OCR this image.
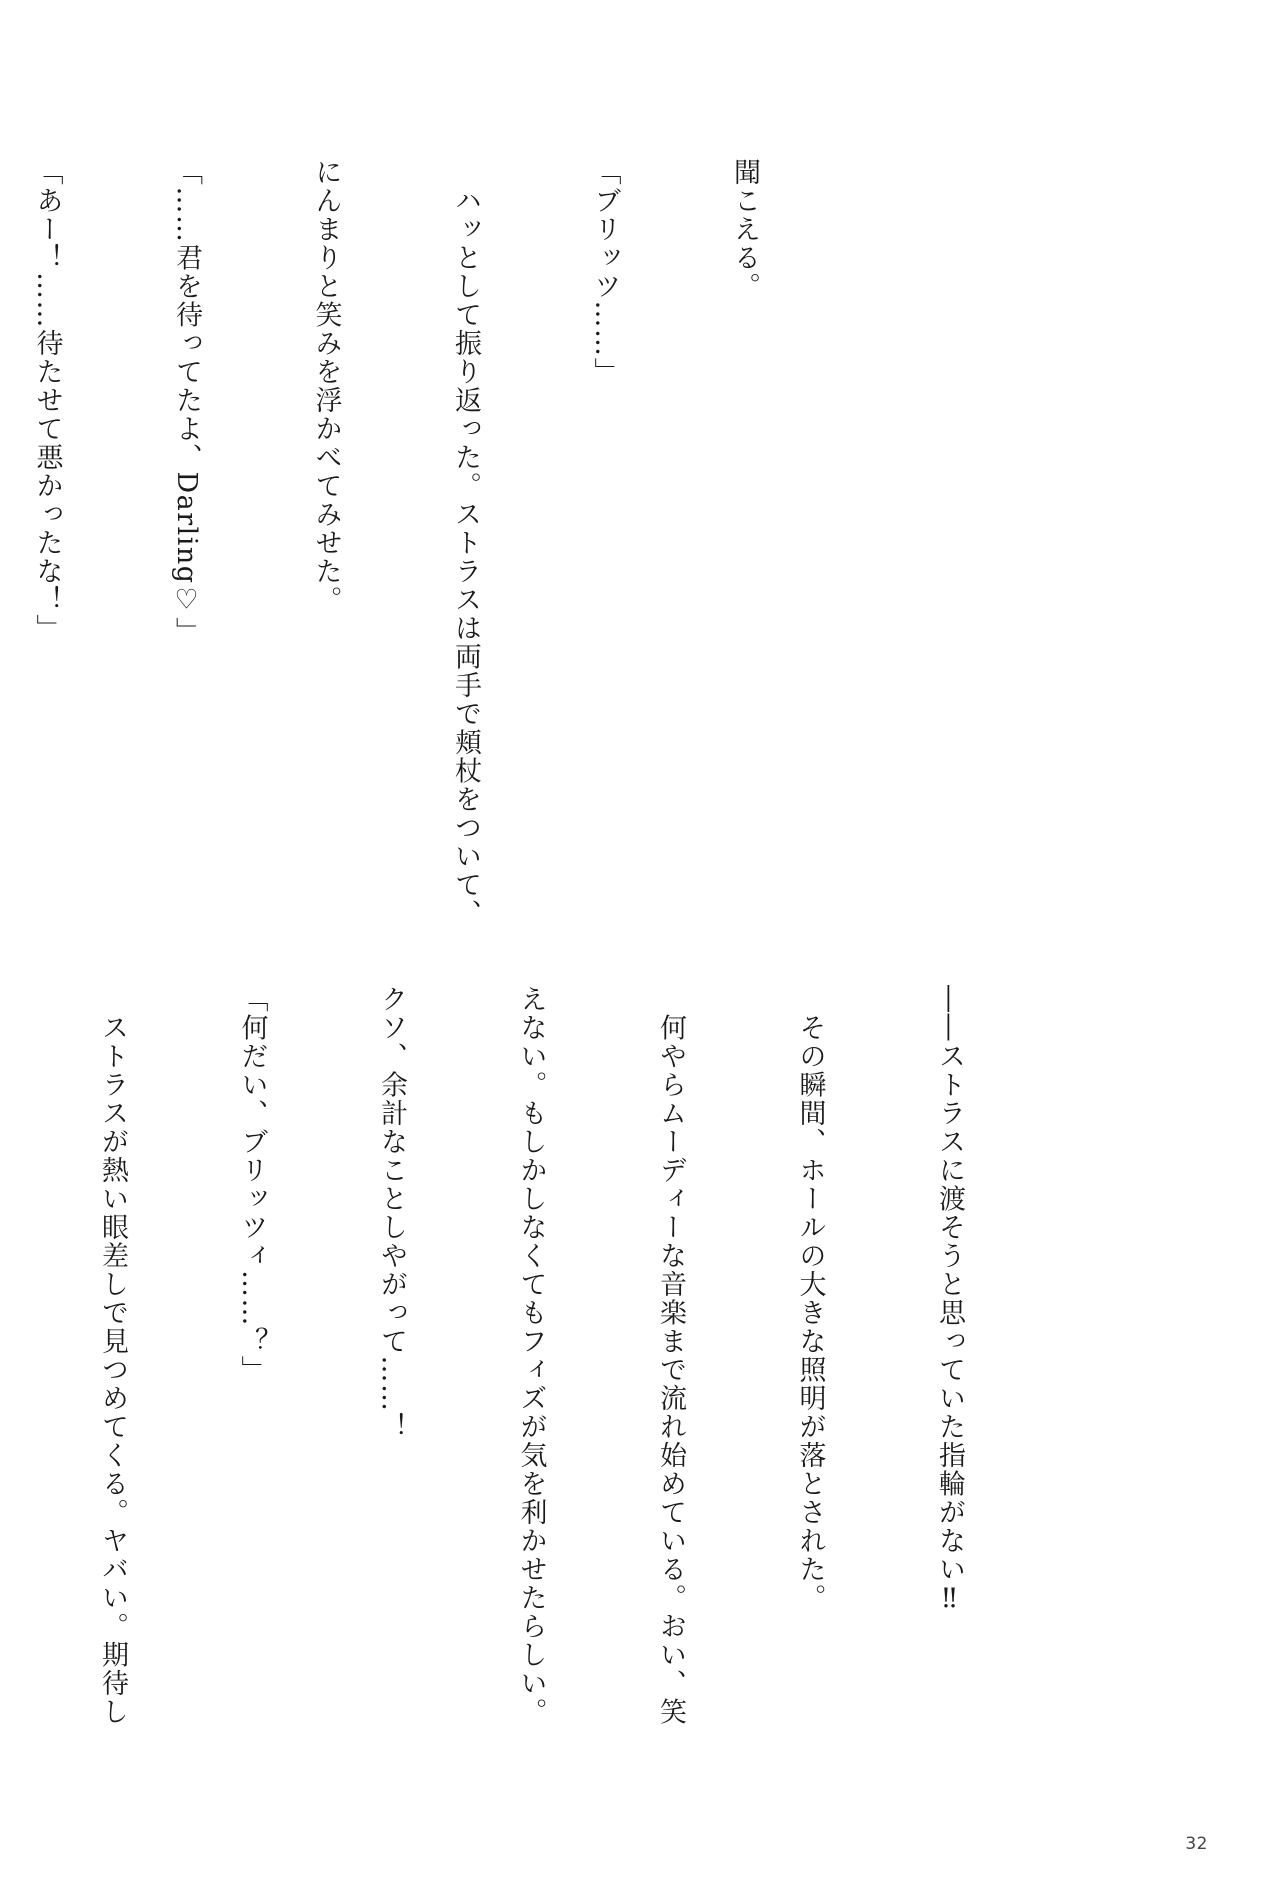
聞こえる。

「ブリッツ……」

　ハッとして振り返った。ストラスは両手で頬杖をついて、

にんまりと笑みを浮かべてみせた。

「……君を待ってたよ、Darling♡」

「あー！……待たせて悪かったな！」

――ストラスに渡そうと思っていた指輪がない‼

　その瞬間、ホールの大きな照明が落とされた。

　何やらムーディーな音楽まで流れ始めている。おい、笑

えない。もしかしなくてもフィズが気を利かせたらしい。

クソ、余計なことしやがって……！

「何だい、ブリッツィ……？」

　ストラスが熱い眼差しで見つめてくる。ヤバい。期待し

32
